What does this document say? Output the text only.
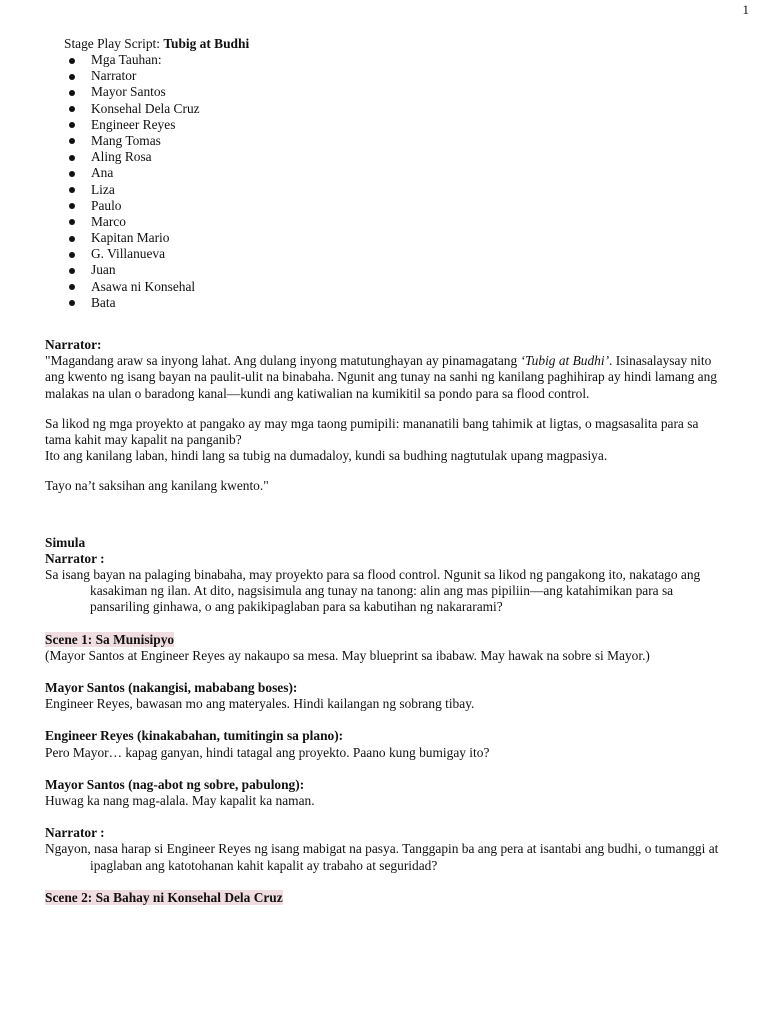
1
Stage Play Script: Tubig at Budhi
Mga Tauhan:
Narrator
Mayor Santos
Konsehal Dela Cruz
Engineer Reyes
Mang Tomas
Aling Rosa
Ana
Liza
Paulo
Marco
Kapitan Mario
G. Villanueva
Juan
Asawa ni Konsehal
Bata

Narrator:

"Magandang araw sa inyong lahat. Ang dulang inyong matutunghayan ay pinamagatang ‘Tubig at Budhi’. Isinasalaysay nito ang kwento ng isang bayan na paulit-ulit na binabaha. Ngunit ang tunay na sanhi ng kanilang paghihirap ay hindi lamang ang malakas na ulan o baradong kanal—kundi ang katiwalian na kumikitil sa pondo para sa flood control.

Sa likod ng mga proyekto at pangako ay may mga taong pumipili: mananatili bang tahimik at ligtas, o magsasalita para sa tama kahit may kapalit na panganib?

Ito ang kanilang laban, hindi lang sa tubig na dumadaloy, kundi sa budhing nagtutulak upang magpasiya.

Tayo na’t saksihan ang kanilang kwento."

Simula

Narrator :

Sa isang bayan na palaging binabaha, may proyekto para sa flood control. Ngunit sa likod ng pangakong ito, nakatago ang kasakiman ng ilan. At dito, nagsisimula ang tunay na tanong: alin ang mas pipiliin—ang katahimikan para sa pansariling ginhawa, o ang pakikipaglaban para sa kabutihan ng nakararami?

Scene 1: Sa Munisipyo

(Mayor Santos at Engineer Reyes ay nakaupo sa mesa. May blueprint sa ibabaw. May hawak na sobre si Mayor.)

Mayor Santos (nakangisi, mababang boses):

Engineer Reyes, bawasan mo ang materyales. Hindi kailangan ng sobrang tibay.

Engineer Reyes (kinakabahan, tumitingin sa plano):

Pero Mayor… kapag ganyan, hindi tatagal ang proyekto. Paano kung bumigay ito?

Mayor Santos (nag-abot ng sobre, pabulong):

Huwag ka nang mag-alala. May kapalit ka naman.

Narrator :

Ngayon, nasa harap si Engineer Reyes ng isang mabigat na pasya. Tanggapin ba ang pera at isantabi ang budhi, o tumanggi at ipaglaban ang katotohanan kahit kapalit ay trabaho at seguridad?

Scene 2: Sa Bahay ni Konsehal Dela Cruz
